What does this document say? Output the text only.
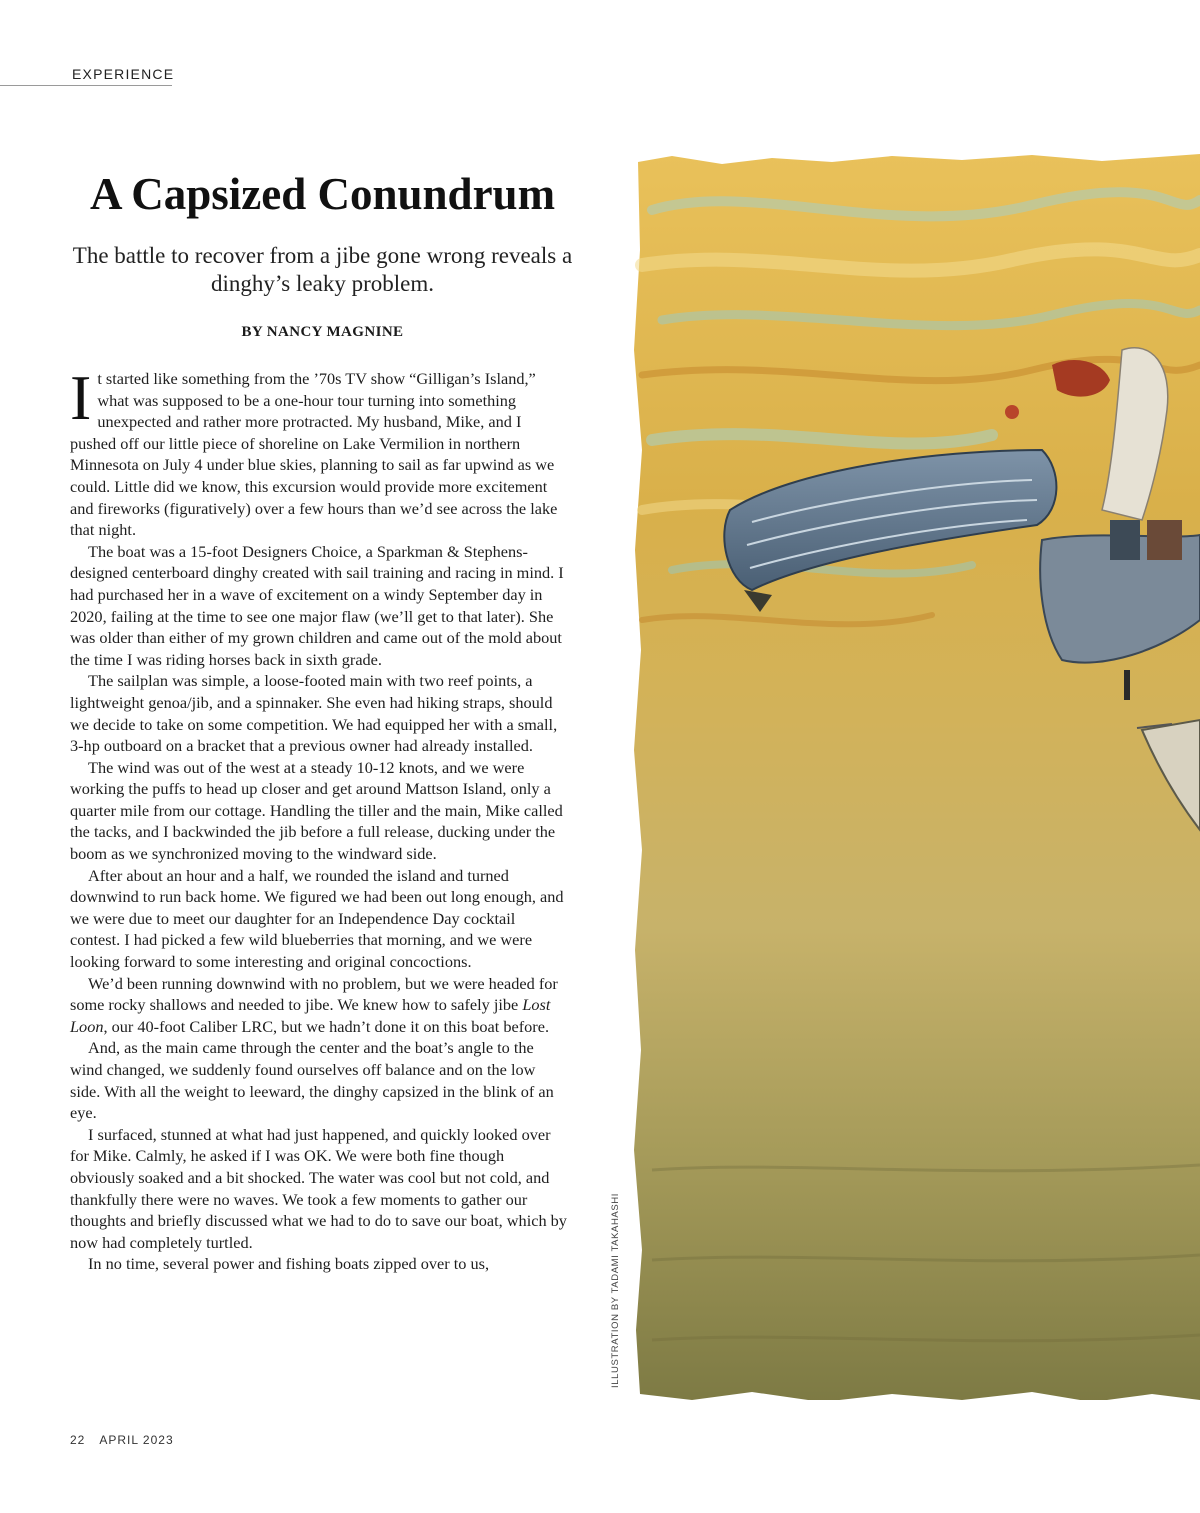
EXPERIENCE
A Capsized Conundrum

The battle to recover from a jibe gone wrong reveals a dinghy’s leaky problem.

BY NANCY MAGNINE

It started like something from the ’70s TV show “Gilligan’s Island,” what was supposed to be a one-hour tour turning into something unexpected and rather more protracted. My husband, Mike, and I pushed off our little piece of shoreline on Lake Vermilion in northern Minnesota on July 4 under blue skies, planning to sail as far upwind as we could. Little did we know, this excursion would provide more excitement and fireworks (figuratively) over a few hours than we’d see across the lake that night.

The boat was a 15-foot Designers Choice, a Sparkman & Stephens-designed centerboard dinghy created with sail training and racing in mind. I had purchased her in a wave of excitement on a windy September day in 2020, failing at the time to see one major flaw (we’ll get to that later). She was older than either of my grown children and came out of the mold about the time I was riding horses back in sixth grade.

The sailplan was simple, a loose-footed main with two reef points, a lightweight genoa/jib, and a spinnaker. She even had hiking straps, should we decide to take on some competition. We had equipped her with a small, 3-hp outboard on a bracket that a previous owner had already installed.

The wind was out of the west at a steady 10-12 knots, and we were working the puffs to head up closer and get around Mattson Island, only a quarter mile from our cottage. Handling the tiller and the main, Mike called the tacks, and I backwinded the jib before a full release, ducking under the boom as we synchronized moving to the windward side.

After about an hour and a half, we rounded the island and turned downwind to run back home. We figured we had been out long enough, and we were due to meet our daughter for an Independence Day cocktail contest. I had picked a few wild blueberries that morning, and we were looking forward to some interesting and original concoctions.

We’d been running downwind with no problem, but we were headed for some rocky shallows and needed to jibe. We knew how to safely jibe Lost Loon, our 40-foot Caliber LRC, but we hadn’t done it on this boat before.

And, as the main came through the center and the boat’s angle to the wind changed, we suddenly found ourselves off balance and on the low side. With all the weight to leeward, the dinghy capsized in the blink of an eye.

I surfaced, stunned at what had just happened, and quickly looked over for Mike. Calmly, he asked if I was OK. We were both fine though obviously soaked and a bit shocked. The water was cool but not cold, and thankfully there were no waves. We took a few moments to gather our thoughts and briefly discussed what we had to do to save our boat, which by now had completely turtled.

In no time, several power and fishing boats zipped over to us,	ILLUSTRATION BY TADAMI TAKAHASHI
22 APRIL 2023
